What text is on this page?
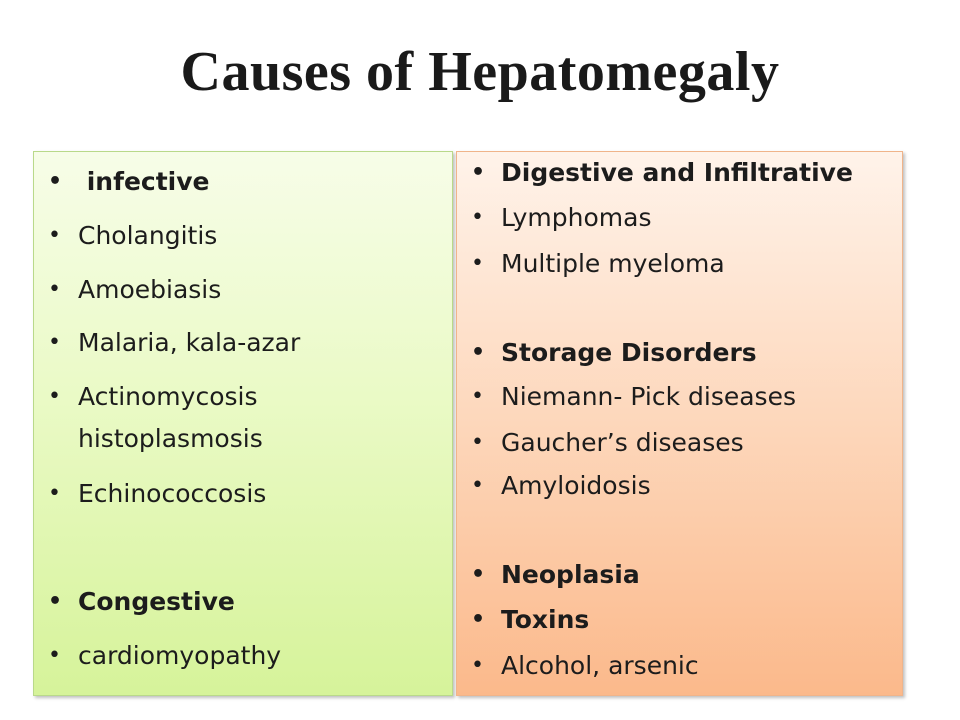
Causes of Hepatomegaly
• infective
• Cholangitis
• Amoebiasis
• Malaria, kala-azar
• Actinomycosis
histoplasmosis
• Echinococcosis
• Congestive
• cardiomyopathy
• Digestive and Infiltrative
• Lymphomas
• Multiple myeloma
• Storage Disorders
• Niemann- Pick diseases
• Gaucher’s diseases
• Amyloidosis
• Neoplasia
• Toxins
• Alcohol, arsenic
